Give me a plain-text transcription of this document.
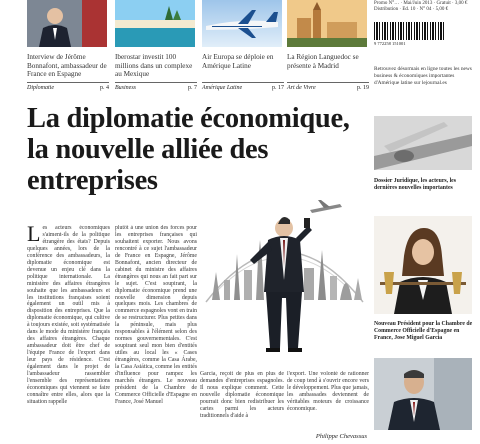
Interview de Jérôme Bonnafont, ambassadeur de France en Espagne
Diplomatie	p. 4
Iberostar investit 100 millions dans un complexe au Mexique
Business	p. 7
Air Europa se déploie en Amérique Latine
Amérique Latine	p. 17
La Région Languedoc se présente à Madrid
Art de Vivre	p. 19
La diplomatie économique, la nouvelle alliée des entreprises
Les acteurs économiques s'aiment-ils de la politique étrangère des états? Depuis quelques années, lors de la conférence des ambassadeurs, la diplomatie économique est devenue un enjeu clé dans la politique internationale. La ministère des affaires étrangères souhaite que les ambassadeurs et les institutions françaises soient également un outil mis à disposition des entreprises. Que la diplomatie économique, qui cultive à toujours existée, soit systématisée dans le mode du ministère français des affaires étrangères. Chaque ambassadeur doit être chef de l'équipe France de l'export dans leur pays de résidence. C'est également dans le projet de l'ambassadeur rassembler l'ensemble des représentations économiques qui viennent se faire connaître entre elles, alors que la situation rappelle
plutôt à une union des forces pour les entreprises françaises qui souhaitent exporter. Nous avons rencontré à ce sujet l'ambassadeur de France en Espagne, Jérôme Bonnafont, ancien directeur de cabinet du ministre des affaires étrangères qui nous an fait part sur le sujet. C'est soupirant, la diplomatie économique prend une nouvelle dimension depuis quelques mois. Les chambres de commerce espagnoles vont en train de se restructurer. Plus petites dans la péninsule, mais plus responsables à l'élément selon des normes gouvernementales. C'est soupirant seul mon bien d'entités utiles au local les « Cases étrangères, comme la Casa Árabe, la Casa Asiática, comme les entités d'influence pour rampez les marchés étrangers. Le nouveau président de la Chambre de Commerce Officielle d'Espagne en France, José Manuel
Garcia, reçoit de plus en plus de demandes d'entreprises espagnoles. Il nous explique comment. Cette nouvelle diplomatie économique pourrait donc bien redistribuer les cartes parmi les acteurs traditionnels d'aide à
l'export. Une volonté de rationner de coup tend à s'ouvrir encore vers le développement. Plus que jamais, les ambassades deviennent de véritables moteurs de croissance économique.
Philippe Chevassus
Promo N°… · Mai/Juin 2013 · Gratuit · 3,00 € Distribution · Ed. 10 · N° 04 · 5,00 €
9 772258 151001
Retrouvez désormais en ligne toutes les news business & économiques importantes d'Amérique latine sur lejournal.es
Dossier Juridique, les acteurs, les dernières nouvelles importantes
Nouveau Président pour la Chambre de Commerce Officielle d'Espagne en France, Jose Miguel Garcia
